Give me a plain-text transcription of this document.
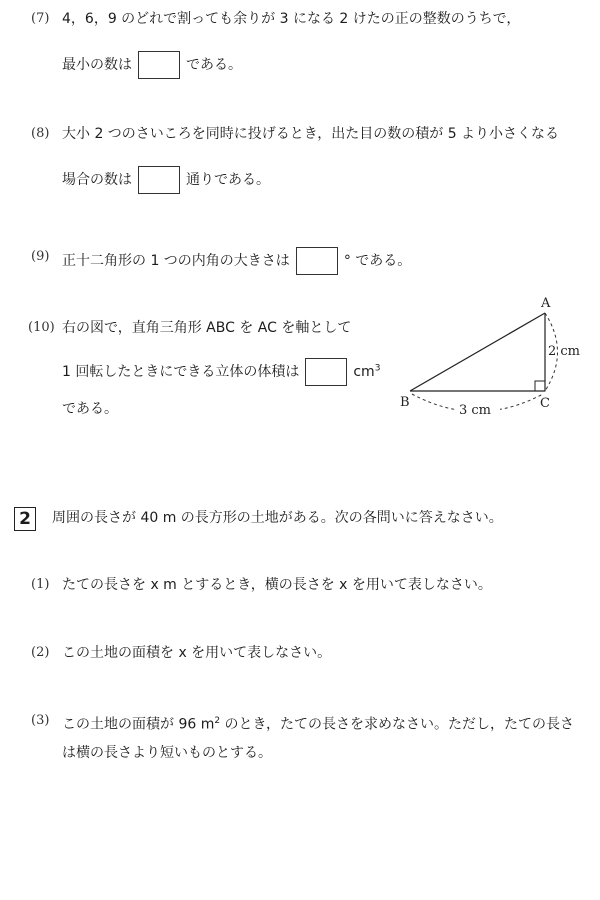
(7) 4，6，9 のどれで割っても余りが 3 になる 2 けたの正の整数のうちで，
最小の数は	である。
(8) 大小 2 つのさいころを同時に投げるとき，出た目の数の積が 5 より小さくなる
場合の数は	通りである。
(9) 正十二角形の 1 つの内角の大きさは	° である。
(10) 右の図で，直角三角形 ABC を AC を軸として
1 回転したときにできる立体の体積は	$cm^3$
である。
A
B	C
2 cm
3 cm
2	周囲の長さが 40 m の長方形の土地がある。次の各問いに答えなさい。
(1) たての長さを x m とするとき，横の長さを x を用いて表しなさい。
(2) この土地の面積を x を用いて表しなさい。
(3) この土地の面積が 96 $m^2$ のとき，たての長さを求めなさい。ただし，たての長さ
は横の長さより短いものとする。
